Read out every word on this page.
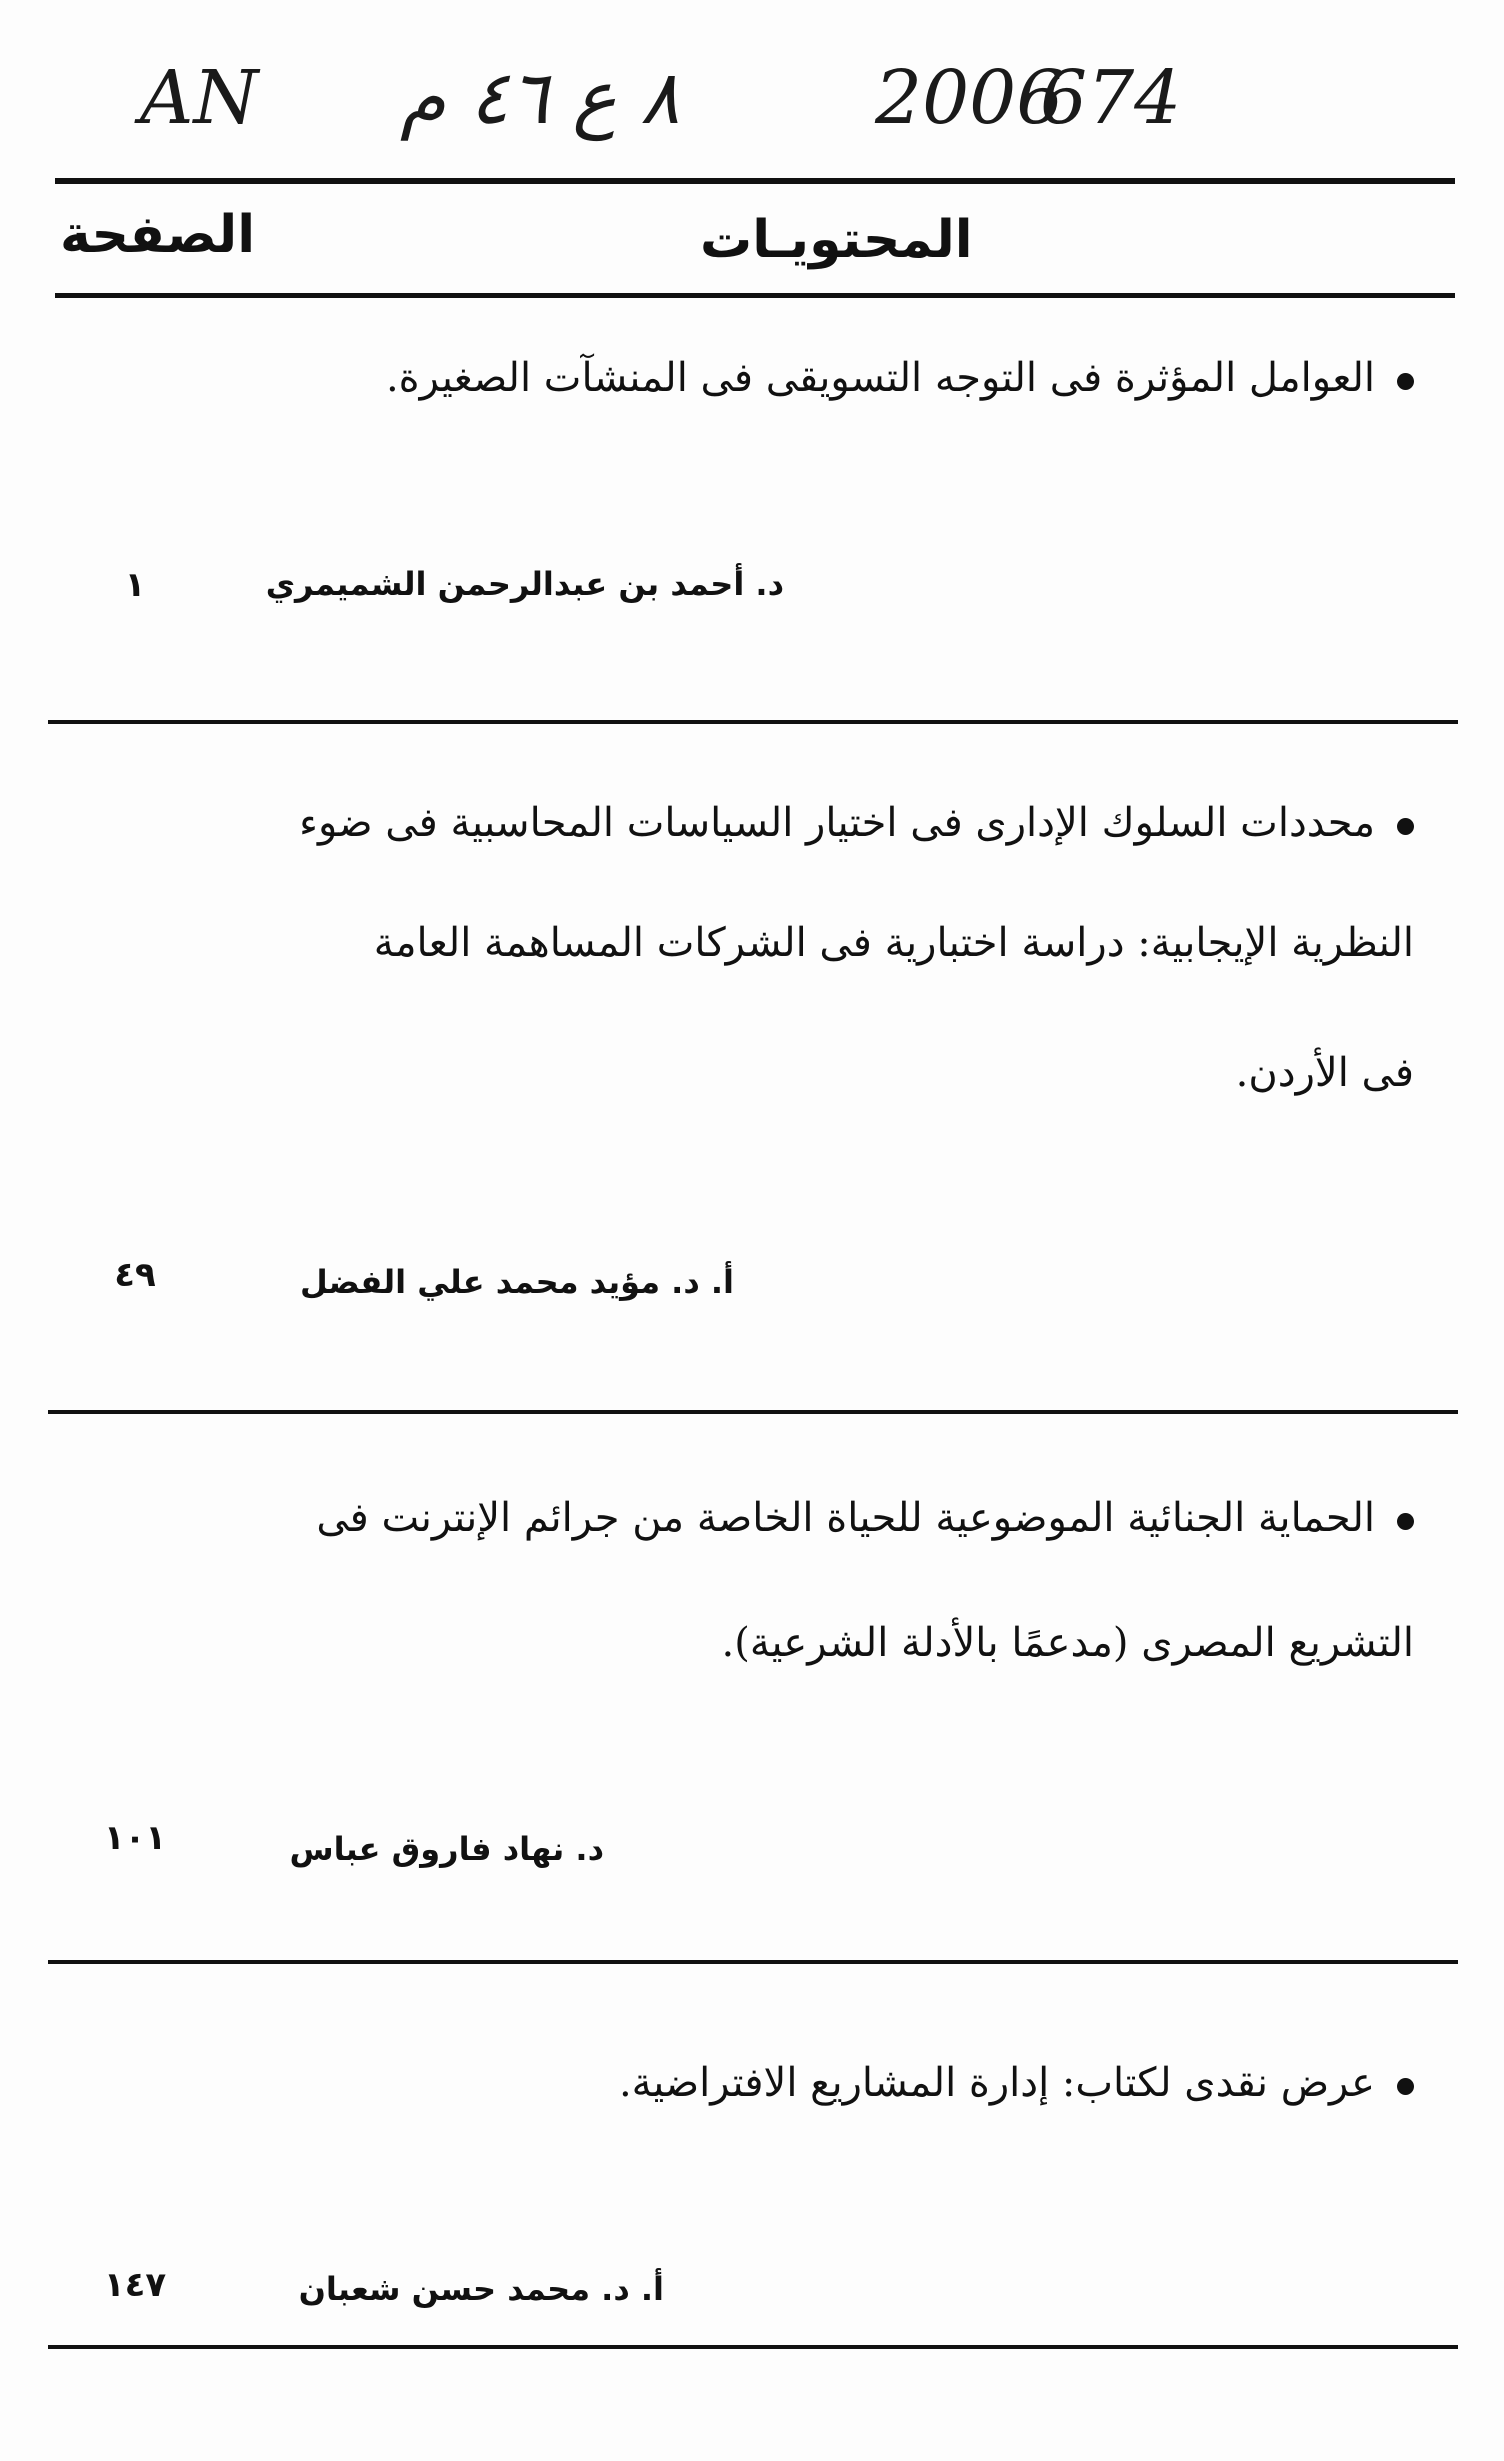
674
2006
٨ ع ٤٦ م
AN
المحتويـات
الصفحة
العوامل المؤثرة فى التوجه التسويقى فى المنشآت الصغيرة.
د. أحمد بن عبدالرحمن الشميمري
١
محددات السلوك الإدارى فى اختيار السياسات المحاسبية فى ضوء
النظرية الإيجابية: دراسة اختبارية فى الشركات المساهمة العامة
فى الأردن.
أ. د. مؤيد محمد علي الفضل
٤٩
الحماية الجنائية الموضوعية للحياة الخاصة من جرائم الإنترنت فى
التشريع المصرى (مدعمًا بالأدلة الشرعية).
د. نهاد فاروق عباس
١٠١
عرض نقدى لكتاب: إدارة المشاريع الافتراضية.
أ. د. محمد حسن شعبان
١٤٧
